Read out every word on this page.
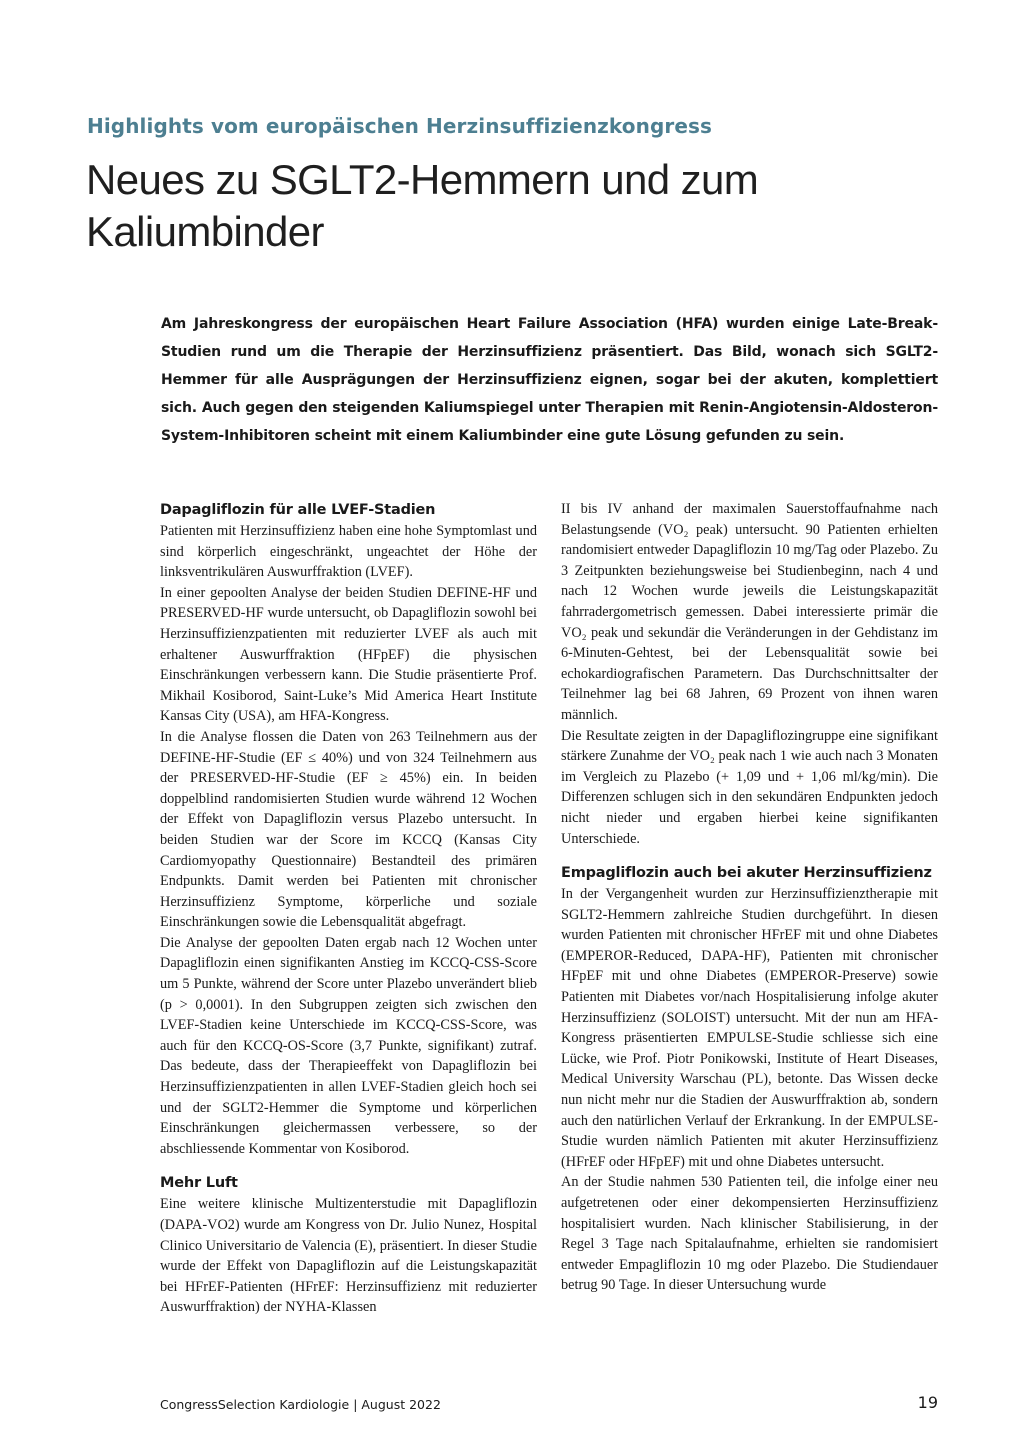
Highlights vom europäischen Herzinsuffizienzkongress
Neues zu SGLT2-Hemmern und zum Kaliumbinder

Am Jahreskongress der europäischen Heart Failure Association (HFA) wurden einige Late-Break-Studien rund um die Therapie der Herzinsuffizienz präsentiert. Das Bild, wonach sich SGLT2-Hemmer für alle Ausprägungen der Herzinsuffizienz eignen, sogar bei der akuten, komplettiert sich. Auch gegen den steigenden Kaliumspiegel unter Therapien mit Renin-Angiotensin-Aldosteron-System-Inhibitoren scheint mit einem Kaliumbinder eine gute Lösung gefunden zu sein.

Dapagliflozin für alle LVEF-Stadien

Patienten mit Herzinsuffizienz haben eine hohe Symptomlast und sind körperlich eingeschränkt, ungeachtet der Höhe der linksventrikulären Auswurffraktion (LVEF).

In einer gepoolten Analyse der beiden Studien DEFINE-HF und PRESERVED-HF wurde untersucht, ob Dapagliflozin sowohl bei Herzinsuffizienzpatienten mit reduzierter LVEF als auch mit erhaltener Auswurffraktion (HFpEF) die physischen Einschränkungen verbessern kann. Die Studie präsentierte Prof. Mikhail Kosiborod, Saint-Luke’s Mid America Heart Institute Kansas City (USA), am HFA-Kongress.

In die Analyse flossen die Daten von 263 Teilnehmern aus der DEFINE-HF-Studie (EF ≤ 40%) und von 324 Teilnehmern aus der PRESERVED-HF-Studie (EF ≥ 45%) ein. In beiden doppelblind randomisierten Studien wurde während 12 Wochen der Effekt von Dapagliflozin versus Plazebo untersucht. In beiden Studien war der Score im KCCQ (Kansas City Cardiomyopathy Questionnaire) Bestandteil des primären Endpunkts. Damit werden bei Patienten mit chronischer Herzinsuffizienz Symptome, körperliche und soziale Einschränkungen sowie die Lebensqualität abgefragt.

Die Analyse der gepoolten Daten ergab nach 12 Wochen unter Dapagliflozin einen signifikanten Anstieg im KCCQ-CSS-Score um 5 Punkte, während der Score unter Plazebo unverändert blieb (p > 0,0001). In den Subgruppen zeigten sich zwischen den LVEF-Stadien keine Unterschiede im KCCQ-CSS-Score, was auch für den KCCQ-OS-Score (3,7 Punkte, signifikant) zutraf. Das bedeute, dass der Therapieeffekt von Dapagliflozin bei Herzinsuffizienzpatienten in allen LVEF-Stadien gleich hoch sei und der SGLT2-Hemmer die Symptome und körperlichen Einschränkungen gleichermassen verbessere, so der abschliessende Kommentar von Kosiborod.

Mehr Luft

Eine weitere klinische Multizenterstudie mit Dapagliflozin (DAPA-VO2) wurde am Kongress von Dr. Julio Nunez, Hospital Clinico Universitario de Valencia (E), präsentiert. In dieser Studie wurde der Effekt von Dapagliflozin auf die Leistungskapazität bei HFrEF-Patienten (HFrEF: Herzinsuffizienz mit reduzierter Auswurffraktion) der NYHA-Klassen

II bis IV anhand der maximalen Sauerstoffaufnahme nach Belastungsende (VO₂ peak) untersucht. 90 Patienten erhielten randomisiert entweder Dapagliflozin 10 mg/Tag oder Plazebo. Zu 3 Zeitpunkten beziehungsweise bei Studienbeginn, nach 4 und nach 12 Wochen wurde jeweils die Leistungskapazität fahrradergometrisch gemessen. Dabei interessierte primär die VO₂ peak und sekundär die Veränderungen in der Gehdistanz im 6-Minuten-Gehtest, bei der Lebensqualität sowie bei echokardiografischen Parametern. Das Durchschnittsalter der Teilnehmer lag bei 68 Jahren, 69 Prozent von ihnen waren männlich.

Die Resultate zeigten in der Dapagliflozingruppe eine signifikant stärkere Zunahme der VO₂ peak nach 1 wie auch nach 3 Monaten im Vergleich zu Plazebo (+ 1,09 und + 1,06 ml/kg/min). Die Differenzen schlugen sich in den sekundären Endpunkten jedoch nicht nieder und ergaben hierbei keine signifikanten Unterschiede.

Empagliflozin auch bei akuter Herzinsuffizienz

In der Vergangenheit wurden zur Herzinsuffizienztherapie mit SGLT2-Hemmern zahlreiche Studien durchgeführt. In diesen wurden Patienten mit chronischer HFrEF mit und ohne Diabetes (EMPEROR-Reduced, DAPA-HF), Patienten mit chronischer HFpEF mit und ohne Diabetes (EMPEROR-Preserve) sowie Patienten mit Diabetes vor/nach Hospitalisierung infolge akuter Herzinsuffizienz (SOLOIST) untersucht. Mit der nun am HFA-Kongress präsentierten EMPULSE-Studie schliesse sich eine Lücke, wie Prof. Piotr Ponikowski, Institute of Heart Diseases, Medical University Warschau (PL), betonte. Das Wissen decke nun nicht mehr nur die Stadien der Auswurffraktion ab, sondern auch den natürlichen Verlauf der Erkrankung. In der EMPULSE-Studie wurden nämlich Patienten mit akuter Herzinsuffizienz (HFrEF oder HFpEF) mit und ohne Diabetes untersucht.

An der Studie nahmen 530 Patienten teil, die infolge einer neu aufgetretenen oder einer dekompensierten Herzinsuffizienz hospitalisiert wurden. Nach klinischer Stabilisierung, in der Regel 3 Tage nach Spitalaufnahme, erhielten sie randomisiert entweder Empagliflozin 10 mg oder Plazebo. Die Studiendauer betrug 90 Tage. In dieser Untersuchung wurde

CongressSelection Kardiologie | August 2022	19
